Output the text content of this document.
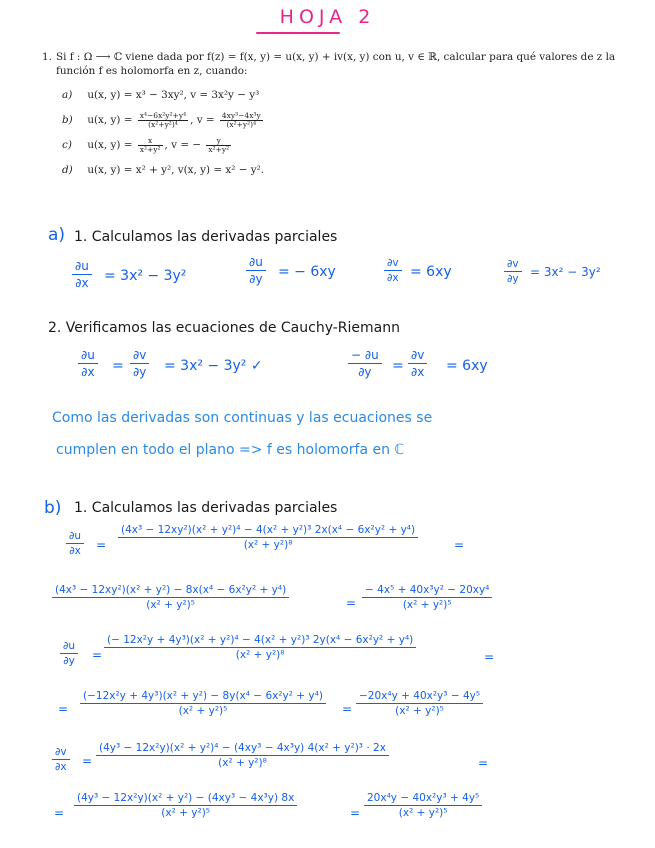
HOJA 2
1. Si f : Ω ⟶ ℂ viene dada por f(z) = f(x, y) = u(x, y) + iv(x, y) con u, v ∈ ℝ, calcular para qué valores de z la función f es holomorfa en z, cuando:
a) u(x, y) = x³ − 3xy², v = 3x²y − y³
b) u(x, $y) = \frac{\text{x⁴−6x²y²+y⁴}}{\text{(x²+y²)⁴}}$ , $v = \frac{\text{4xy³−4x³y}}{\text{(x²+y²)⁴}}$
c) u(x, $y) = \frac{x}{\text{x²+y²}}$ , v = − $\frac{y}{\text{x²+y²}}$
d) u(x, y) = x² + y², v(x, y) = x² − y².
a) 1. Calculamos las derivadas parciales
$\frac{\partial u}{\partial x} = 3x^2 - 3y^2$	$\frac{\partial u}{\partial y}$ = − 6xy	$\frac{\partial v}{\partial x} = 6xy$	$\frac{\partial v}{\partial y} = 3x^2 - 3y^2$
2. Verificamos las ecuaciones de Cauchy-Riemann
$\frac{\partial u}{\partial x} = \frac{\partial v}{\partial y} = 3x^2 - 3y^2$ ✓	$\frac{- \partial u}{\partial y} = \frac{\partial v}{\partial x} = 6xy$
Como las derivadas son continuas y las ecuaciones se
cumplen en todo el plano => f es holomorfa en ℂ
b) 1. Calculamos las derivadas parciales
$\frac{\partial u}{\partial x} = \frac{\text{(4x³ − 12xy²)(x² + y²)⁴ − 4(x² + y²)³ 2x(x⁴ − 6x²y² + y⁴)}}{\text{(x² + y²)⁸}}$	=
$\frac{\text{(4x³ − 12xy²)(x² + y²) − 8x(x⁴ − 6x²y² + y⁴)}}{\text{(x² + y²)⁵}}$	= $\frac{\text{− 4x⁵ + 40x³y² − 20xy⁴}}{\text{(x² + y²)⁵}}$
$\frac{\partial u}{\partial y} = \frac{\text{(− 12x²y + 4y³)(x² + y²)⁴ − 4(x² + y²)³ 2y(x⁴ − 6x²y² + y⁴)}}{\text{(x² + y²)⁸}}$	=
= $\frac{\text{(−12x²y + 4y³)(x² + y²) − 8y(x⁴ − 6x²y² + y⁴)}}{\text{(x² + y²)⁵}} = \frac{\text{−20x⁴y + 40x²y³ − 4y⁵}}{\text{(x² + y²)⁵}}$
$\frac{\partial v}{\partial x} = \frac{\text{(4y³ − 12x²y)(x² + y²)⁴ − (4xy³ − 4x³y) 4(x² + y²)³ · 2x}}{\text{(x² + y²)⁸}}$	=
= $\frac{\text{(4y³ − 12x²y)(x² + y²) − (4xy³ − 4x³y) 8x}}{\text{(x² + y²)⁵}}$	= $\frac{\text{20x⁴y − 40x²y³ + 4y⁵}}{\text{(x² + y²)⁵}}$
